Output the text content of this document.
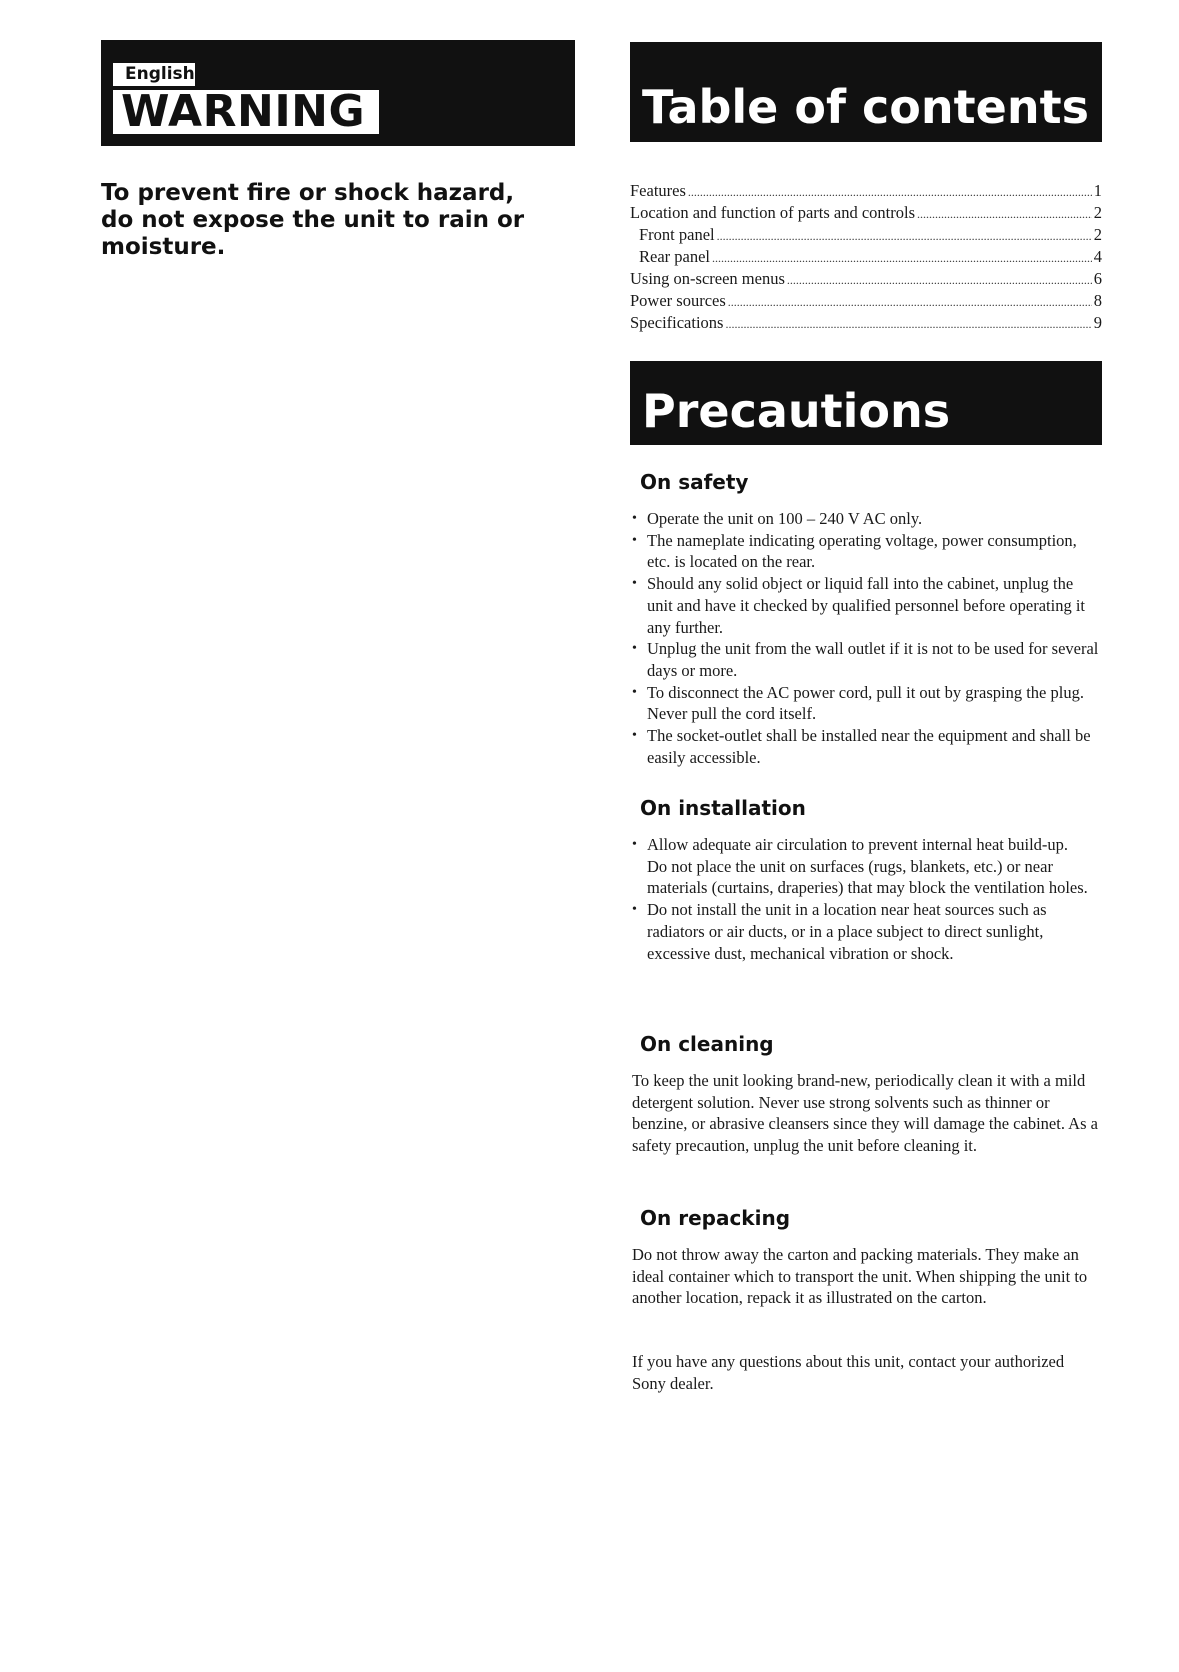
English
WARNING
To prevent fire or shock hazard, do not expose the unit to rain or moisture.
Table of contents
Features .....	1
Location and function of parts and controls .....	2
Front panel .....	2
Rear panel .....	4
Using on-screen menus .....	6
Power sources .....	8
Specifications .....	9
Precautions
On safety
• Operate the unit on 100 – 240 V AC only.
• The nameplate indicating operating voltage, power consumption, etc. is located on the rear.
• Should any solid object or liquid fall into the cabinet, unplug the unit and have it checked by qualified personnel before operating it any further.
• Unplug the unit from the wall outlet if it is not to be used for several days or more.
• To disconnect the AC power cord, pull it out by grasping the plug. Never pull the cord itself.
• The socket-outlet shall be installed near the equipment and shall be easily accessible.
On installation
• Allow adequate air circulation to prevent internal heat build-up.
Do not place the unit on surfaces (rugs, blankets, etc.) or near materials (curtains, draperies) that may block the ventilation holes.
• Do not install the unit in a location near heat sources such as radiators or air ducts, or in a place subject to direct sunlight, excessive dust, mechanical vibration or shock.
On cleaning

To keep the unit looking brand-new, periodically clean it with a mild detergent solution. Never use strong solvents such as thinner or benzine, or abrasive cleansers since they will damage the cabinet. As a safety precaution, unplug the unit before cleaning it.

On repacking

Do not throw away the carton and packing materials. They make an ideal container which to transport the unit. When shipping the unit to another location, repack it as illustrated on the carton.

If you have any questions about this unit, contact your authorized Sony dealer.
